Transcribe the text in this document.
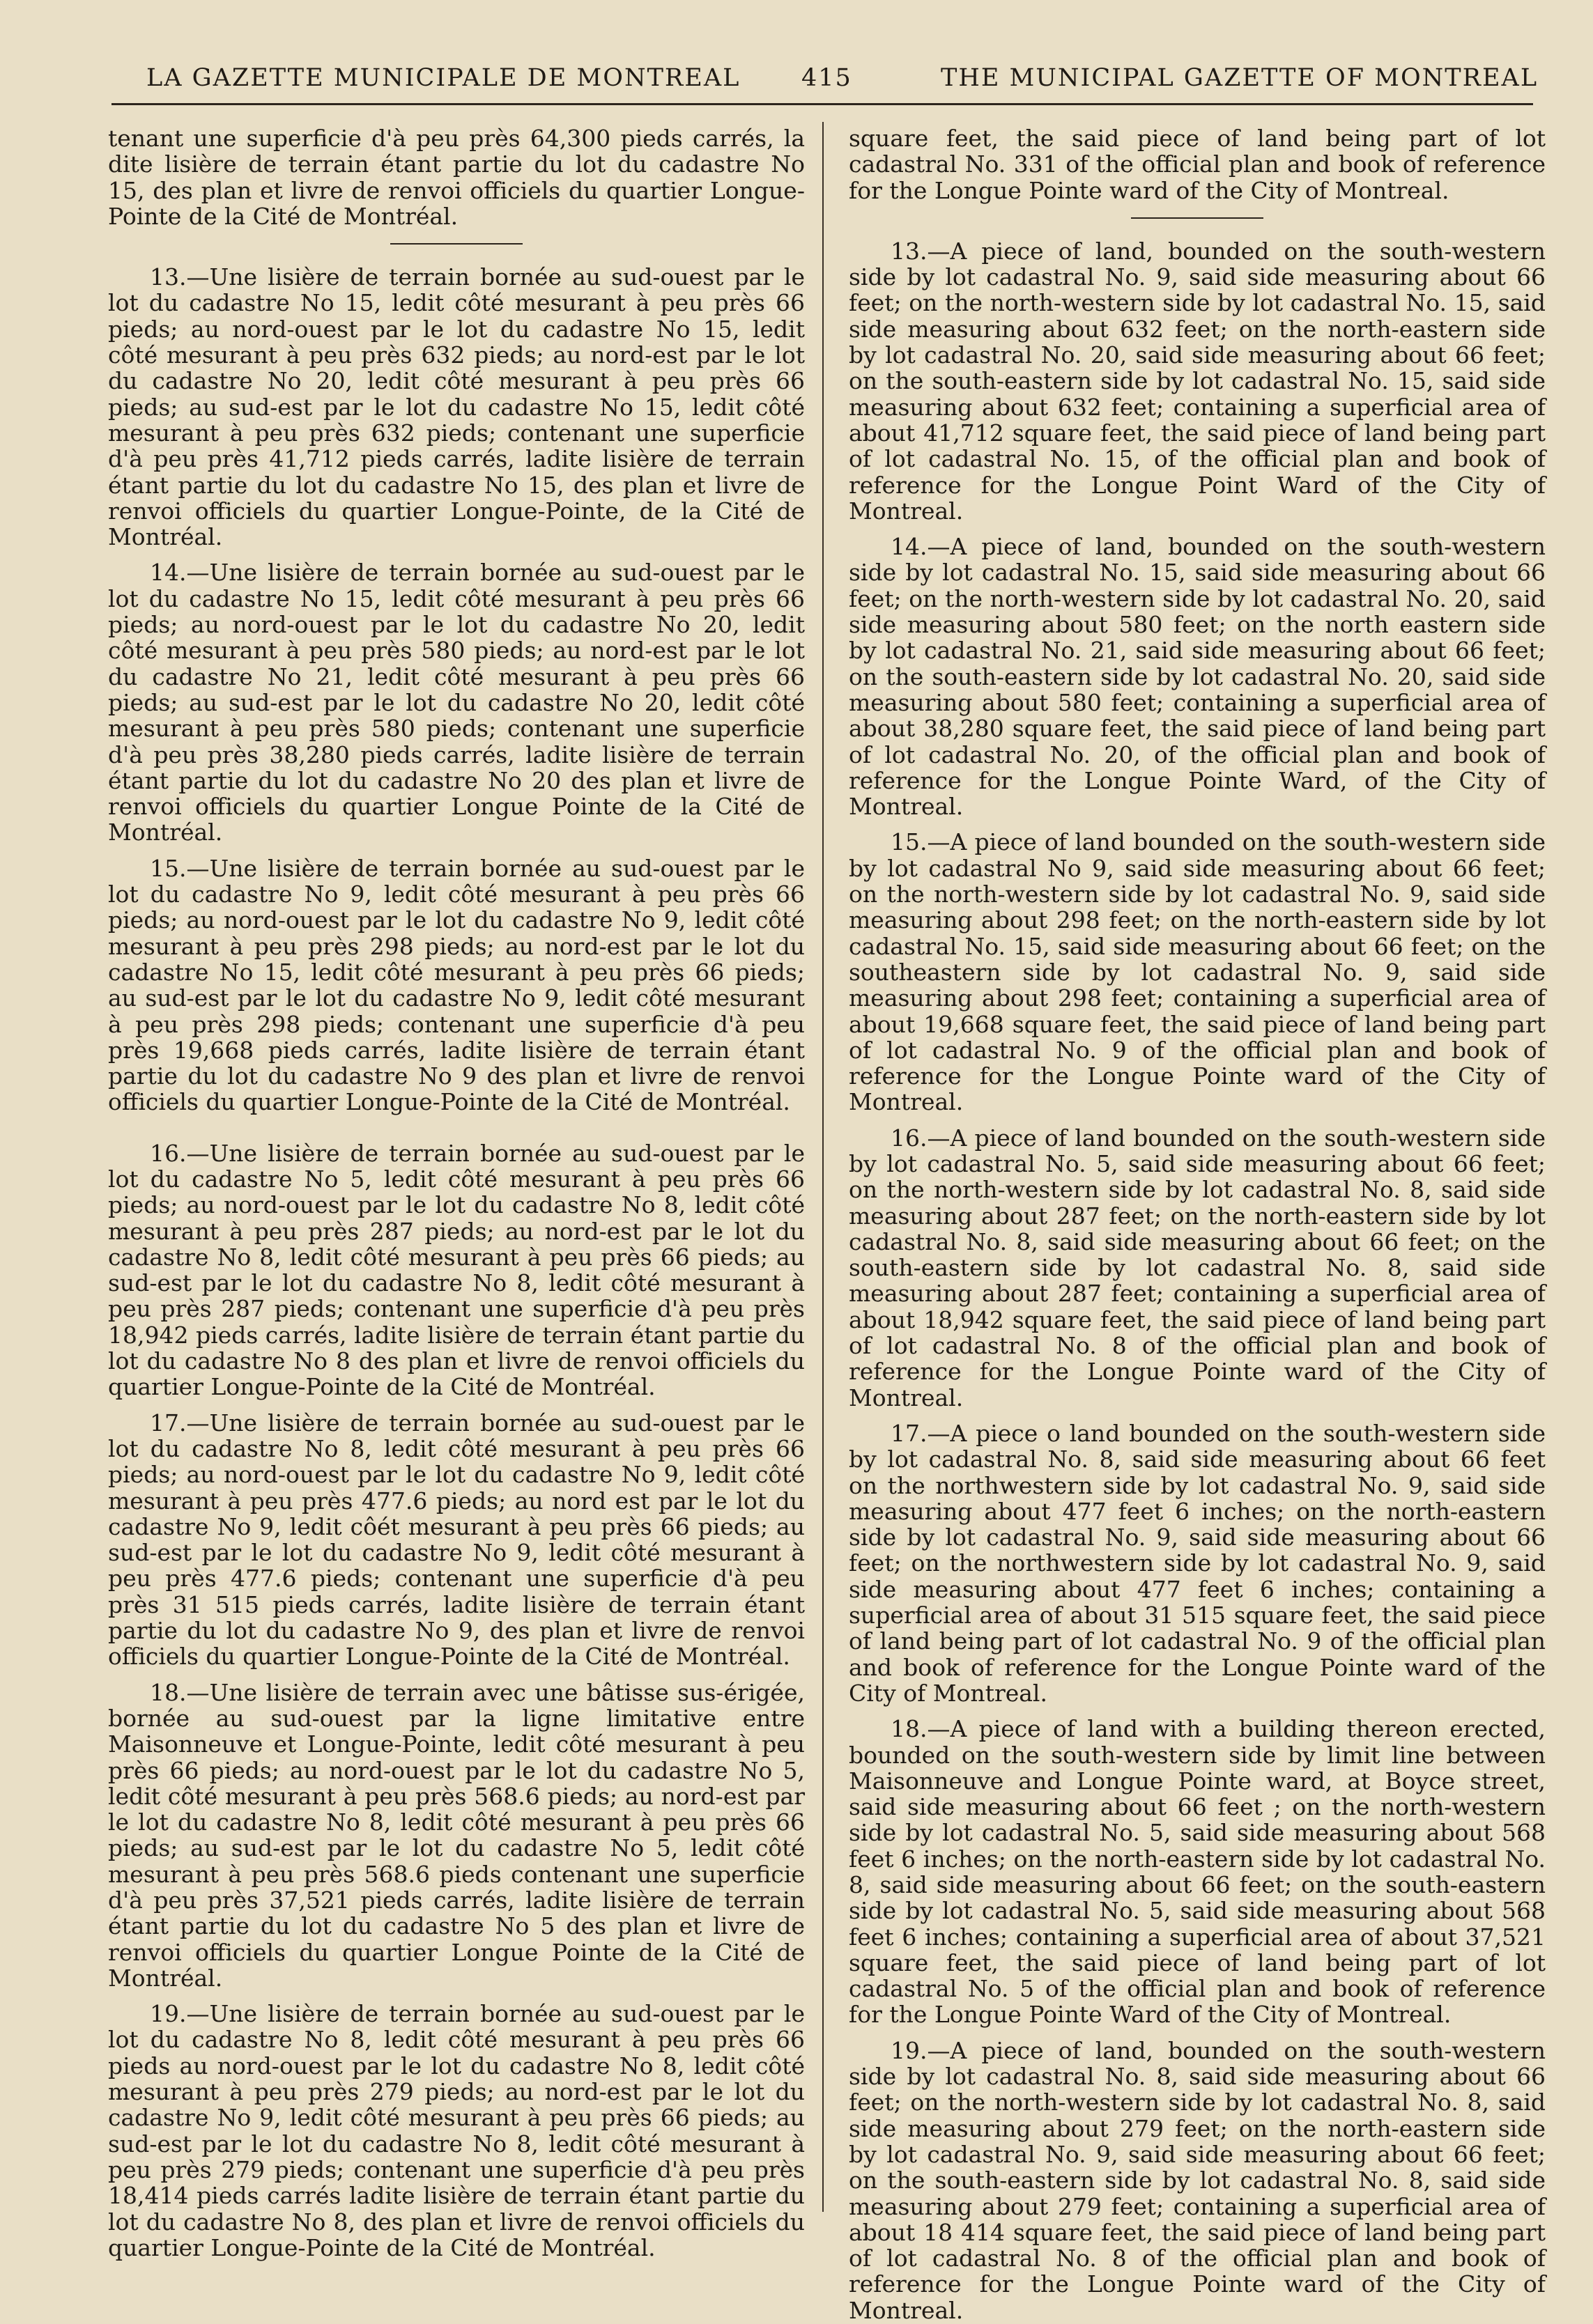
LA GAZETTE MUNICIPALE DE MONTREAL	415	THE MUNICIPAL GAZETTE OF MONTREAL

tenant une superficie d'à peu près 64,300 pieds carrés, la dite lisière de terrain étant partie du lot du cadastre No 15, des plan et livre de renvoi officiels du quartier Longue-Pointe de la Cité de Montréal.

13.—Une lisière de terrain bornée au sud-ouest par le lot du cadastre No 15, ledit côté mesurant à peu près 66 pieds; au nord-ouest par le lot du cadastre No 15, ledit côté mesurant à peu près 632 pieds; au nord-est par le lot du cadastre No 20, ledit côté mesurant à peu près 66 pieds; au sud-est par le lot du cadastre No 15, ledit côté mesurant à peu près 632 pieds; contenant une superficie d'à peu près 41,712 pieds carrés, ladite lisière de terrain étant partie du lot du cadastre No 15, des plan et livre de renvoi officiels du quartier Longue-Pointe, de la Cité de Montréal.

14.—Une lisière de terrain bornée au sud-ouest par le lot du cadastre No 15, ledit côté mesurant à peu près 66 pieds; au nord-ouest par le lot du cadastre No 20, ledit côté mesurant à peu près 580 pieds; au nord-est par le lot du cadastre No 21, ledit côté mesurant à peu près 66 pieds; au sud-est par le lot du cadastre No 20, ledit côté mesurant à peu près 580 pieds; contenant une superficie d'à peu près 38,280 pieds carrés, ladite lisière de terrain étant partie du lot du cadastre No 20 des plan et livre de renvoi officiels du quartier Longue Pointe de la Cité de Montréal.

15.—Une lisière de terrain bornée au sud-ouest par le lot du cadastre No 9, ledit côté mesurant à peu près 66 pieds; au nord-ouest par le lot du cadastre No 9, ledit côté mesurant à peu près 298 pieds; au nord-est par le lot du cadastre No 15, ledit côté mesurant à peu près 66 pieds; au sud-est par le lot du cadastre No 9, ledit côté mesurant à peu près 298 pieds; contenant une superficie d'à peu près 19,668 pieds carrés, ladite lisière de terrain étant partie du lot du cadastre No 9 des plan et livre de renvoi officiels du quartier Longue-Pointe de la Cité de Montréal.

16.—Une lisière de terrain bornée au sud-ouest par le lot du cadastre No 5, ledit côté mesurant à peu près 66 pieds; au nord-ouest par le lot du cadastre No 8, ledit côté mesurant à peu près 287 pieds; au nord-est par le lot du cadastre No 8, ledit côté mesurant à peu près 66 pieds; au sud-est par le lot du cadastre No 8, ledit côté mesurant à peu près 287 pieds; contenant une superficie d'à peu près 18,942 pieds carrés, ladite lisière de terrain étant partie du lot du cadastre No 8 des plan et livre de renvoi officiels du quartier Longue-Pointe de la Cité de Montréal.

17.—Une lisière de terrain bornée au sud-ouest par le lot du cadastre No 8, ledit côté mesurant à peu près 66 pieds; au nord-ouest par le lot du cadastre No 9, ledit côté mesurant à peu près 477.6 pieds; au nord est par le lot du cadastre No 9, ledit côét mesurant à peu près 66 pieds; au sud-est par le lot du cadastre No 9, ledit côté mesurant à peu près 477.6 pieds; contenant une superficie d'à peu près 31 515 pieds carrés, ladite lisière de terrain étant partie du lot du cadastre No 9, des plan et livre de renvoi officiels du quartier Longue-Pointe de la Cité de Montréal.

18.—Une lisière de terrain avec une bâtisse sus-érigée, bornée au sud-ouest par la ligne limitative entre Maisonneuve et Longue-Pointe, ledit côté mesurant à peu près 66 pieds; au nord-ouest par le lot du cadastre No 5, ledit côté mesurant à peu près 568.6 pieds; au nord-est par le lot du cadastre No 8, ledit côté mesurant à peu près 66 pieds; au sud-est par le lot du cadastre No 5, ledit côté mesurant à peu près 568.6 pieds contenant une superficie d'à peu près 37,521 pieds carrés, ladite lisière de terrain étant partie du lot du cadastre No 5 des plan et livre de renvoi officiels du quartier Longue Pointe de la Cité de Montréal.

19.—Une lisière de terrain bornée au sud-ouest par le lot du cadastre No 8, ledit côté mesurant à peu près 66 pieds au nord-ouest par le lot du cadastre No 8, ledit côté mesurant à peu près 279 pieds; au nord-est par le lot du cadastre No 9, ledit côté mesurant à peu près 66 pieds; au sud-est par le lot du cadastre No 8, ledit côté mesurant à peu près 279 pieds; contenant une superficie d'à peu près 18,414 pieds carrés ladite lisière de terrain étant partie du lot du cadastre No 8, des plan et livre de renvoi officiels du quartier Longue-Pointe de la Cité de Montréal.

square feet, the said piece of land being part of lot cadastral No. 331 of the official plan and book of reference for the Longue Pointe ward of the City of Montreal.

13.—A piece of land, bounded on the south-western side by lot cadastral No. 9, said side measuring about 66 feet; on the north-western side by lot cadastral No. 15, said side measuring about 632 feet; on the north-eastern side by lot cadastral No. 20, said side measuring about 66 feet; on the south-eastern side by lot cadastral No. 15, said side measuring about 632 feet; containing a superficial area of about 41,712 square feet, the said piece of land being part of lot cadastral No. 15, of the official plan and book of reference for the Longue Point Ward of the City of Montreal.

14.—A piece of land, bounded on the south-western side by lot cadastral No. 15, said side measuring about 66 feet; on the north-western side by lot cadastral No. 20, said side measuring about 580 feet; on the north eastern side by lot cadastral No. 21, said side measuring about 66 feet; on the south-eastern side by lot cadastral No. 20, said side measuring about 580 feet; containing a superficial area of about 38,280 square feet, the said piece of land being part of lot cadastral No. 20, of the official plan and book of reference for the Longue Pointe Ward, of the City of Montreal.

15.—A piece of land bounded on the south-western side by lot cadastral No 9, said side measuring about 66 feet; on the north-western side by lot cadastral No. 9, said side measuring about 298 feet; on the north-eastern side by lot cadastral No. 15, said side measuring about 66 feet; on the southeastern side by lot cadastral No. 9, said side measuring about 298 feet; containing a superficial area of about 19,668 square feet, the said piece of land being part of lot cadastral No. 9 of the official plan and book of reference for the Longue Pointe ward of the City of Montreal.

16.—A piece of land bounded on the south-western side by lot cadastral No. 5, said side measuring about 66 feet; on the north-western side by lot cadastral No. 8, said side measuring about 287 feet; on the north-eastern side by lot cadastral No. 8, said side measuring about 66 feet; on the south-eastern side by lot cadastral No. 8, said side measuring about 287 feet; containing a superficial area of about 18,942 square feet, the said piece of land being part of lot cadastral No. 8 of the official plan and book of reference for the Longue Pointe ward of the City of Montreal.

17.—A piece o land bounded on the south-western side by lot cadastral No. 8, said side measuring about 66 feet on the northwestern side by lot cadastral No. 9, said side measuring about 477 feet 6 inches; on the north-eastern side by lot cadastral No. 9, said side measuring about 66 feet; on the northwestern side by lot cadastral No. 9, said side measuring about 477 feet 6 inches; containing a superficial area of about 31 515 square feet, the said piece of land being part of lot cadastral No. 9 of the official plan and book of reference for the Longue Pointe ward of the City of Montreal.

18.—A piece of land with a building thereon erected, bounded on the south-western side by limit line between Maisonneuve and Longue Pointe ward, at Boyce street, said side measuring about 66 feet ; on the north-western side by lot cadastral No. 5, said side measuring about 568 feet 6 inches; on the north-eastern side by lot cadastral No. 8, said side measuring about 66 feet; on the south-eastern side by lot cadastral No. 5, said side measuring about 568 feet 6 inches; containing a superficial area of about 37,521 square feet, the said piece of land being part of lot cadastral No. 5 of the official plan and book of reference for the Longue Pointe Ward of the City of Montreal.

19.—A piece of land, bounded on the south-western side by lot cadastral No. 8, said side measuring about 66 feet; on the north-western side by lot cadastral No. 8, said side measuring about 279 feet; on the north-eastern side by lot cadastral No. 9, said side measuring about 66 feet; on the south-eastern side by lot cadastral No. 8, said side measuring about 279 feet; containing a superficial area of about 18 414 square feet, the said piece of land being part of lot cadastral No. 8 of the official plan and book of reference for the Longue Pointe ward of the City of Montreal.
